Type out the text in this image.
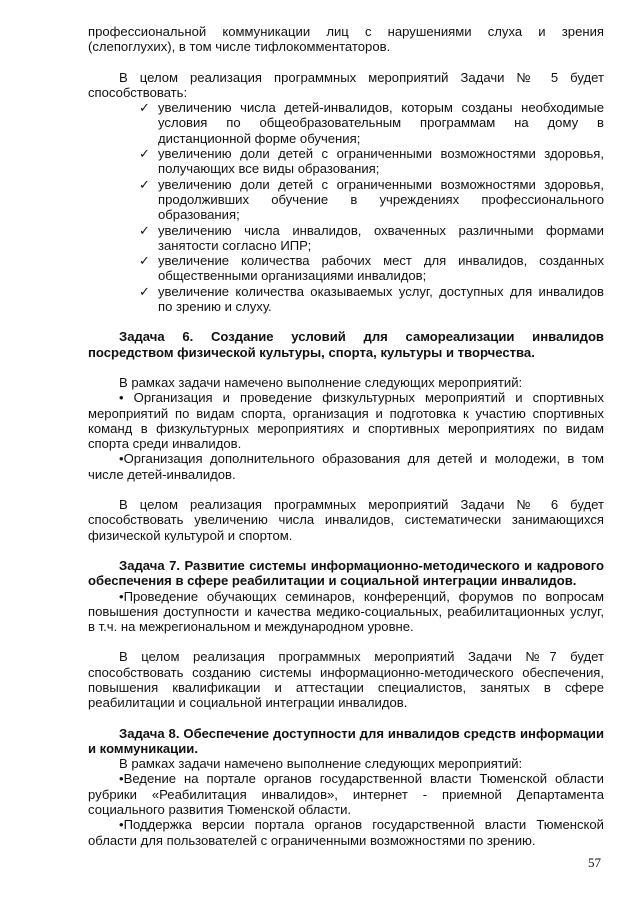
профессиональной коммуникации лиц с нарушениями слуха и зрения (слепоглухих), в том числе тифлокомментаторов.

В целом реализация программных мероприятий Задачи № 5 будет способствовать:

✓ увеличению числа детей-инвалидов, которым созданы необходимые условия по общеобразовательным программам на дому в дистанционной форме обучения;
✓ увеличению доли детей с ограниченными возможностями здоровья, получающих все виды образования;
✓ увеличению доли детей с ограниченными возможностями здоровья, продолживших обучение в учреждениях профессионального образования;
✓ увеличению числа инвалидов, охваченных различными формами занятости согласно ИПР;
✓ увеличение количества рабочих мест для инвалидов, созданных общественными организациями инвалидов;
✓ увеличение количества оказываемых услуг, доступных для инвалидов по зрению и слуху.

Задача 6. Создание условий для самореализации инвалидов посредством физической культуры, спорта, культуры и творчества.

В рамках задачи намечено выполнение следующих мероприятий:

• Организация и проведение физкультурных мероприятий и спортивных мероприятий по видам спорта, организация и подготовка к участию спортивных команд в физкультурных мероприятиях и спортивных мероприятиях по видам спорта среди инвалидов.

•Организация дополнительного образования для детей и молодежи, в том числе детей-инвалидов.

В целом реализация программных мероприятий Задачи № 6 будет способствовать увеличению числа инвалидов, систематически занимающихся физической культурой и спортом.

Задача 7. Развитие системы информационно-методического и кадрового обеспечения в сфере реабилитации и социальной интеграции инвалидов.

•Проведение обучающих семинаров, конференций, форумов по вопросам повышения доступности и качества медико-социальных, реабилитационных услуг, в т.ч. на межрегиональном и международном уровне.

В целом реализация программных мероприятий Задачи №7 будет способствовать созданию системы информационно-методического обеспечения, повышения квалификации и аттестации специалистов, занятых в сфере реабилитации и социальной интеграции инвалидов.

Задача 8. Обеспечение доступности для инвалидов средств информации и коммуникации.

В рамках задачи намечено выполнение следующих мероприятий:

•Ведение на портале органов государственной власти Тюменской области рубрики «Реабилитация инвалидов», интернет - приемной Департамента социального развития Тюменской области.

•Поддержка версии портала органов государственной власти Тюменской области для пользователей с ограниченными возможностями по зрению.

57
